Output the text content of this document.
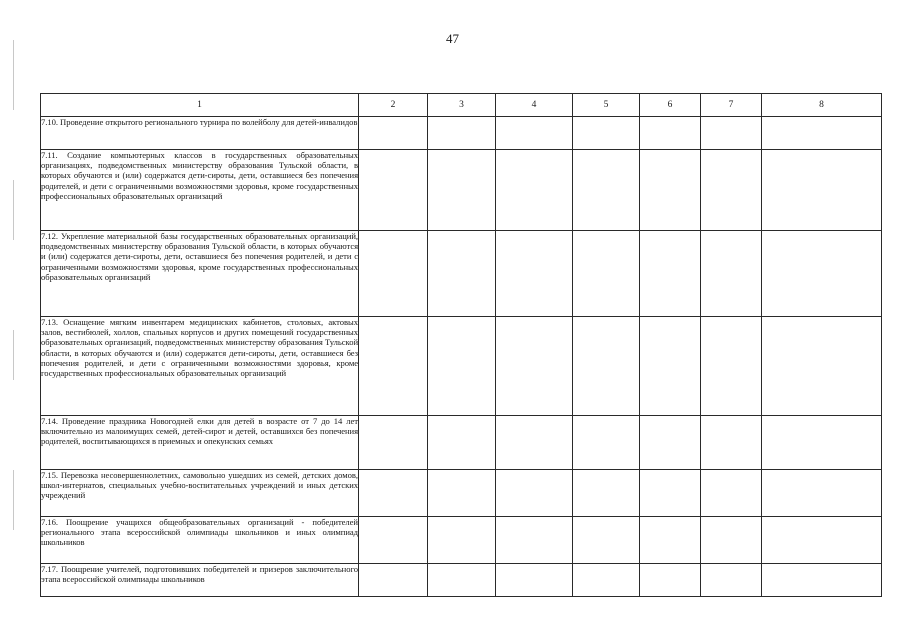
47
1	2	3	4	5	6	7	8
7.10. Проведение открытого регионального турнира по волейболу для детей-инвалидов							
7.11. Создание компьютерных классов в государственных образовательных организациях, подведомственных министерству образования Тульской области, в которых обучаются и (или) содержатся дети-сироты, дети, оставшиеся без попечения родителей, и дети с ограниченными возможностями здоровья, кроме государственных профессиональных образовательных организаций							
7.12. Укрепление материальной базы государственных образовательных организаций, подведомственных министерству образования Тульской области, в которых обучаются и (или) содержатся дети-сироты, дети, оставшиеся без попечения родителей, и дети с ограниченными возможностями здоровья, кроме государственных профессиональных образовательных организаций							
7.13. Оснащение мягким инвентарем медицинских кабинетов, столовых, актовых залов, вестибюлей, холлов, спальных корпусов и других помещений государственных образовательных организаций, подведомственных министерству образования Тульской области, в которых обучаются и (или) содержатся дети-сироты, дети, оставшиеся без попечения родителей, и дети с ограниченными возможностями здоровья, кроме государственных профессиональных образовательных организаций							
7.14. Проведение праздника Новогодней елки для детей в возрасте от 7 до 14 лет включительно из малоимущих семей, детей-сирот и детей, оставшихся без попечения родителей, воспитывающихся в приемных и опекунских семьях							
7.15. Перевозка несовершеннолетних, самовольно ушедших из семей, детских домов, школ-интернатов, специальных учебно-воспитательных учреждений и иных детских учреждений							
7.16. Поощрение учащихся общеобразовательных организаций - победителей регионального этапа всероссийской олимпиады школьников и иных олимпиад школьников							
7.17. Поощрение учителей, подготовивших победителей и призеров заключительного этапа всероссийской олимпиады школьников							
